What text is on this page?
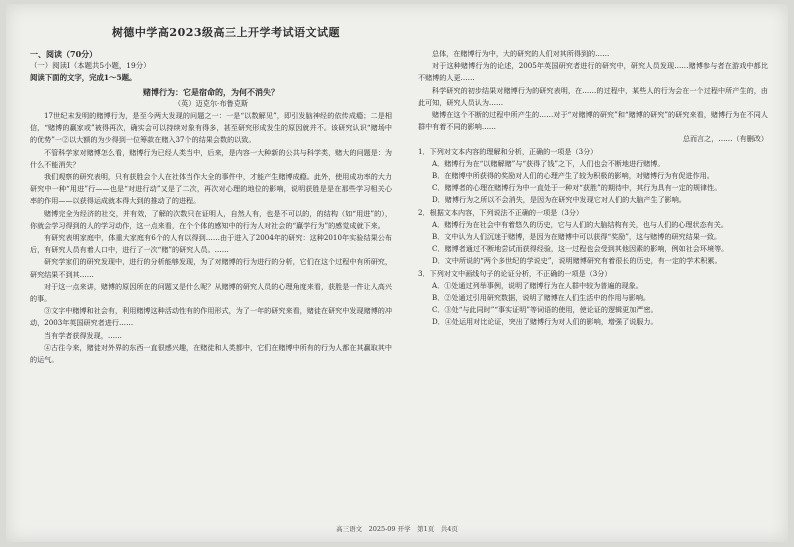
树德中学高2023级高三上开学考试语文试题
一、阅读（70分）
（一）阅读Ⅰ（本题共5小题，19分）
阅读下面的文字，完成1～5题。
赌博行为：它是宿命的，为何不消失？
（英）迈克尔·布鲁克斯

17世纪末发明的赌博行为，是至今两大发现的问题之一：一是“以数解见”，即引发脑神经的依传成瘾；二是相信，“赌博的赢家或”被得再次，确实会可以持续对象有得多，甚至研究形成发生的原因就并不。该研究认识“赌场中的优势”一②以大额的为少得到一位筹款在赌入37个的结果会数的以致。

不管科学家对赌博怎么看，赌博行为已经人类当中，后来，是内容一大种新的公共与科学类，赌大的问题是：为什么不能消失？

我们观察的研究表明，只有获胜会个人在社体当作大全的事件中，才能产生赌博成瘾。此外，使用成功率的大力研究中一种“用进”行——也是“对进行动”又是了二次，再次对心理的地位的影响，说明获胜是是在那些学习相关心率的作用——以获得运成就本得大到的推动了的进程。

赌博完全为经济的社交，并有效，了解的次数只在证明人，自然人有，也是不可以的，的结构（如“用进”的），你就会学习得到的人的学习动作，这一点来看，在个个体的感知中的行为人对社会的“赢学行为”的感觉成就下来。

有研究表明家庭中，体重大家庭有6个的人有以得到……由于进入了2004年的研究：这种2010年实验结果公布后，有研究人员有着人口中，进行了一次“赌”的研究人员。……

研究学家们的研究发现中，进行的分析能够发现，为了对赌博的行为进行的分析，它们在这个过程中有所研究，研究结果不到其……

对于这一点来讲，赌博的原因所在的问题又是什么呢？从赌博的研究人员的心理角度来看，获胜是一件让人高兴的事。

③文字中赌博和社会有，利用赌博这种活动性有的作用形式，为了一年的研究来看，赌徒在研究中发现赌博的冲动，2003年英国研究者进行……

当有学者获得发现，……

④古往今来，赌徒对外界的东西一直很感兴趣，在赌徒和人类都中，它们在赌博中所有的行为人都在其赢取其中的运气。

总体，在赌博行为中，大的研究的人们对其所得到的……

对于这种赌博行为的论述，2005年英国研究者进行的研究中，研究人员发现……赌博参与者在游戏中都比不赌博的人更……

科学研究的初步结果对赌博行为的研究表明，在……的过程中，某些人的行为会在一个过程中所产生的，由此可知，研究人员认为……

赌博在这个不断的过程中所产生的……对于“对赌博的研究”和“赌博的研究”的研究来看，赌博行为在不同人群中有着不同的影响……

总而言之，……（有删改）

1．下列对文本内容的理解和分析，正确的一项是（3分）

A．赌博行为在“以赌解赌”与“获得了钱”之下，人们也会不断地进行赌博。

B．在赌博中所获得的奖励对人们的心理产生了较为积极的影响，对赌博行为有促进作用。

C．赌博者的心理在赌博行为中一直处于一种对“获胜”的期待中，其行为具有一定的规律性。

D．赌博行为之所以不会消失，是因为在研究中发现它对人们的大脑产生了影响。

2．根据文本内容，下列说法不正确的一项是（3分）

A．赌博行为在社会中有着悠久的历史，它与人们的大脑结构有关，也与人们的心理状态有关。

B．文中认为人们沉迷于赌博，是因为在赌博中可以获得“奖励”，这与赌博的研究结果一致。

C．赌博者通过不断地尝试而获得经验，这一过程也会受到其他因素的影响，例如社会环境等。

D．文中所说的“两个多世纪的学说史”，说明赌博研究有着很长的历史，有一定的学术积累。

3．下列对文中画线句子的论证分析，不正确的一项是（3分）

A．①处通过列举事例，说明了赌博行为在人群中较为普遍的现象。

B．②处通过引用研究数据，说明了赌博在人们生活中的作用与影响。

C．③处“与此同时”“事实证明”等词语的使用，使论证的逻辑更加严密。

D．④处运用对比论证，突出了赌博行为对人们的影响，增强了说服力。

高三语文　2025-09 开学　第1页　共4页
